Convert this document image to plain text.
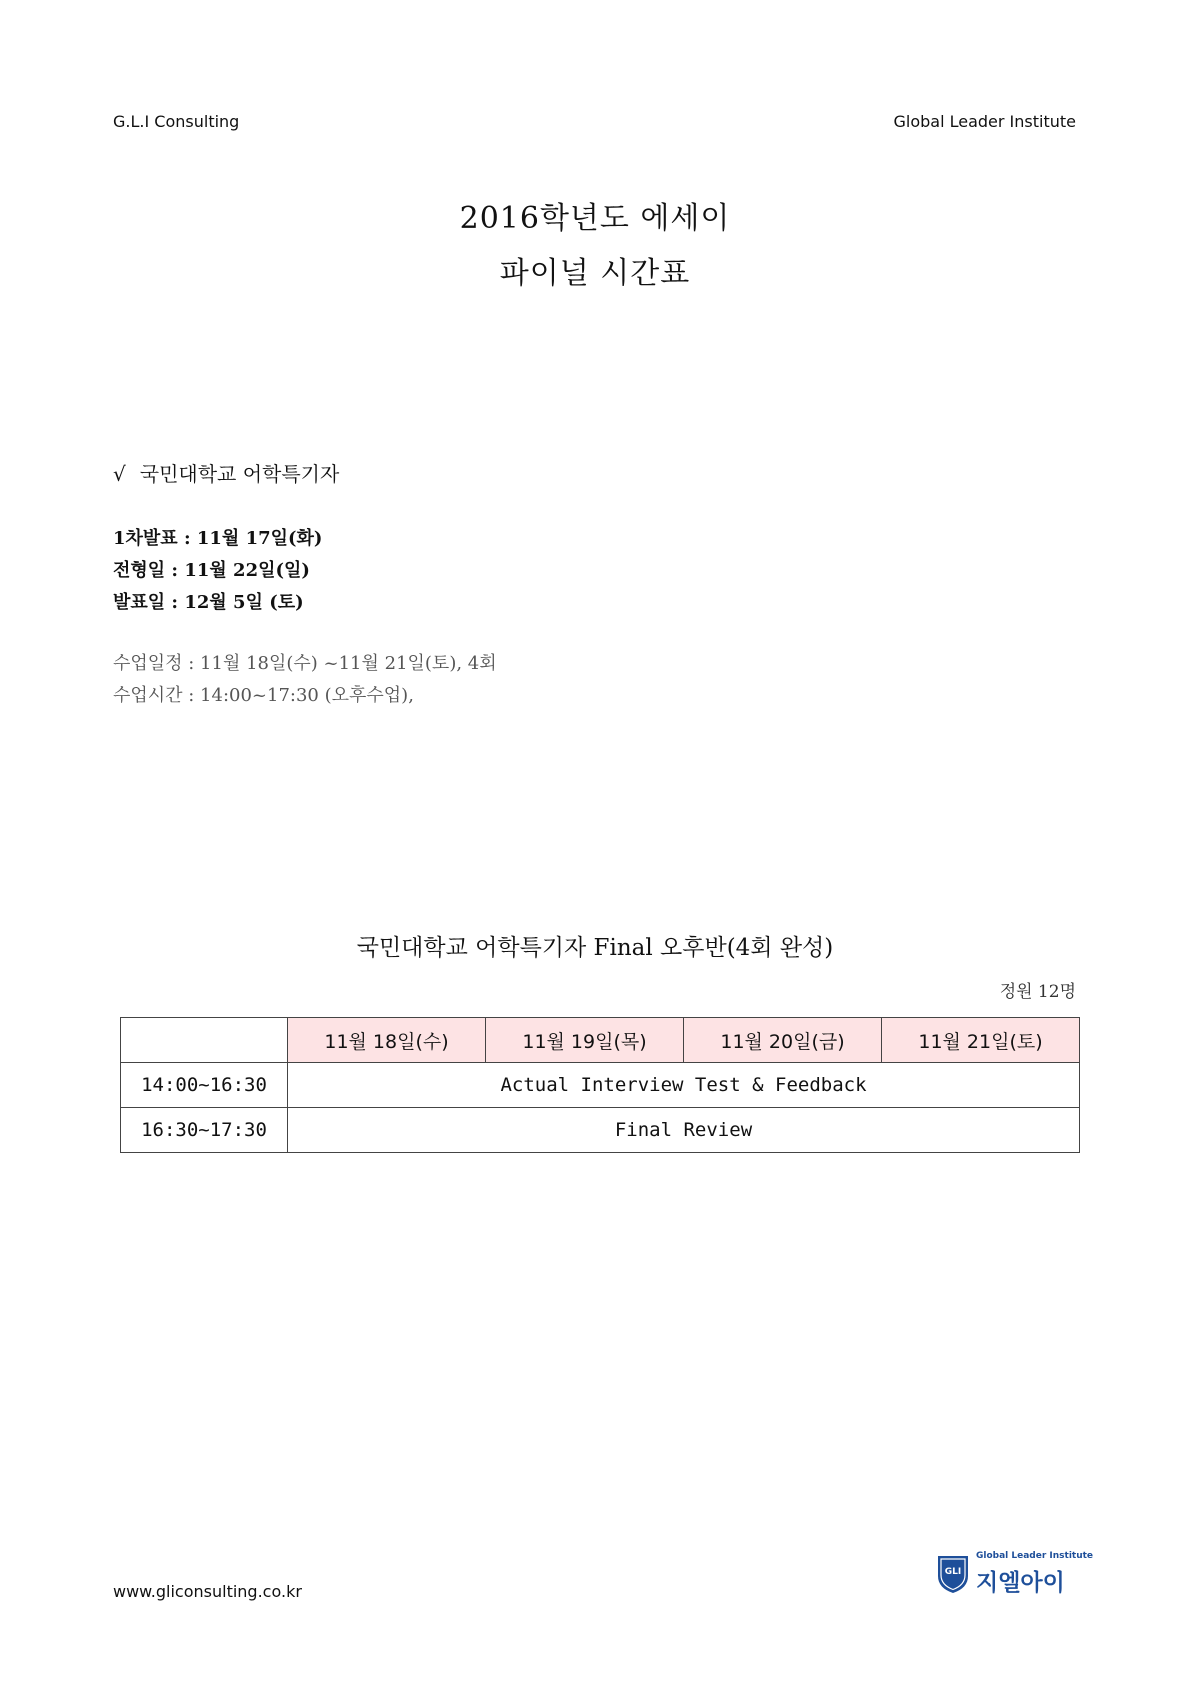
G.L.I Consulting	Global Leader Institute
2016학년도 에세이
파이널 시간표
√ 국민대학교 어학특기자
1차발표 : 11월 17일(화)
전형일 : 11월 22일(일)
발표일 : 12월 5일 (토)
수업일정 : 11월 18일(수) ~11월 21일(토), 4회
수업시간 : 14:00~17:30 (오후수업),
국민대학교 어학특기자 Final 오후반(4회 완성)
정원 12명
	11월 18일(수)	11월 19일(목)	11월 20일(금)	11월 21일(토)
14:00~16:30	Actual Interview Test & Feedback			
16:30~17:30	Final Review			
www.gliconsulting.co.kr
GLI
Global Leader Institute
지엘아이
